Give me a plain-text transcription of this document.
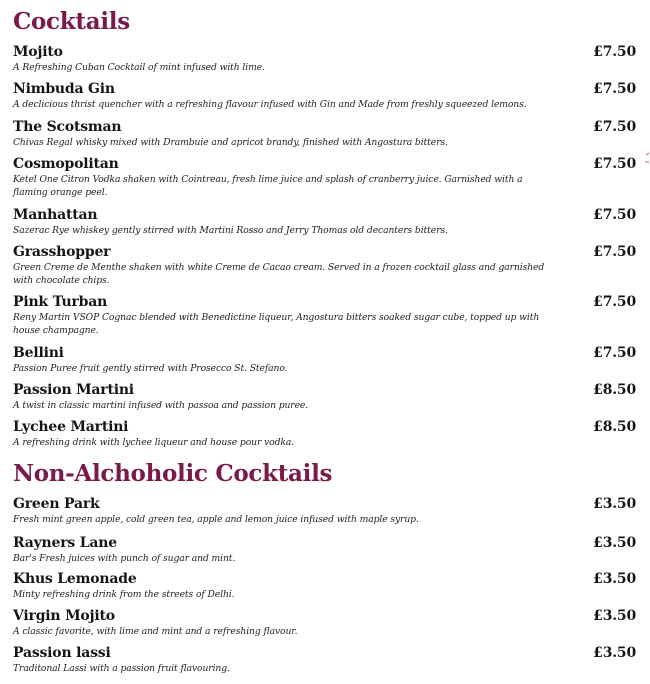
Cocktails
Mojito
A Refreshing Cuban Cocktail of mint infused with lime.
£7.50
Nimbuda Gin
A declicious thrist quencher with a refreshing flavour infused with Gin and Made from freshly squeezed lemons.
£7.50
The Scotsman
Chivas Regal whisky mixed with Drambuie and apricot brandy, finished with Angostura bitters.
£7.50
Cosmopolitan
Ketel One Citron Vodka shaken with Cointreau, fresh lime juice and splash of cranberry juice. Garnished with a flaming orange peel.
£7.50
Manhattan
Sazerac Rye whiskey gently stirred with Martini Rosso and Jerry Thomas old decanters bitters.
£7.50
Grasshopper
Green Creme de Menthe shaken with white Creme de Cacao cream. Served in a frozen cocktail glass and garnished with chocolate chips.
£7.50
Pink Turban
Reny Martin VSOP Cognac blended with Benedictine liqueur, Angostura bitters soaked sugar cube, topped up with house champagne.
£7.50
Bellini
Passion Puree fruit gently stirred with Prosecco St. Stefano.
£7.50
Passion Martini
A twist in classic martini infused with passoa and passion puree.
£8.50
Lychee Martini
A refreshing drink with lychee liqueur and house pour vodka.
£8.50
Non-Alchoholic Cocktails
Green Park
Fresh mint green apple, cold green tea, apple and lemon juice infused with maple syrup.
£3.50
Rayners Lane
Bar's Fresh juices with punch of sugar and mint.
£3.50
Khus Lemonade
Minty refreshing drink from the streets of Delhi.
£3.50
Virgin Mojito
A classic favorite, with lime and mint and a refreshing flavour.
£3.50
Passion lassi
Traditonal Lassi with a passion fruit flavouring.
£3.50
